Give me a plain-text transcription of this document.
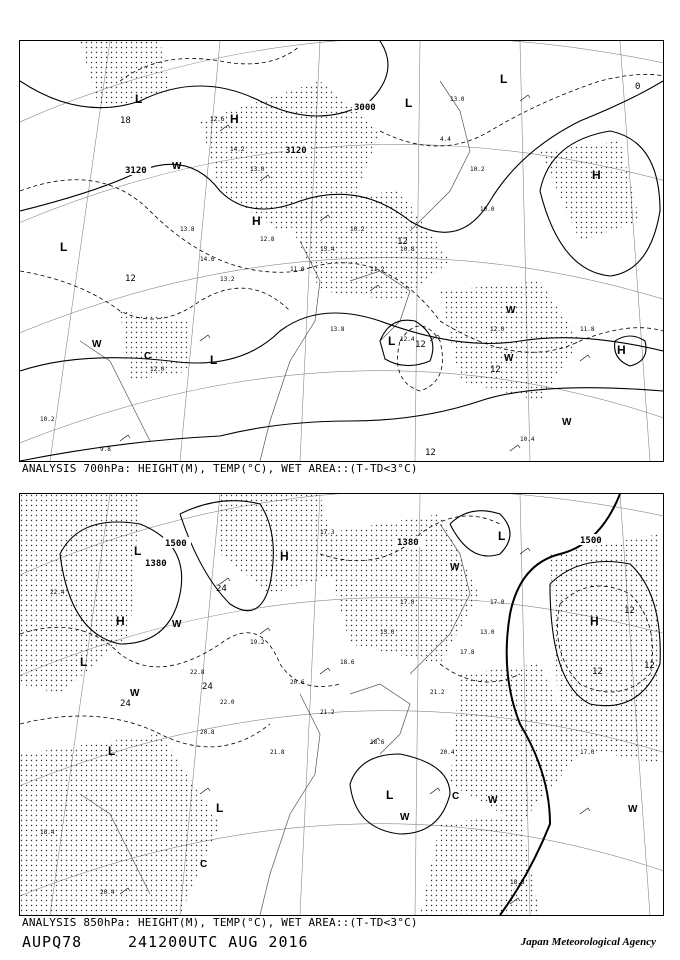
12.6
14.2
13.0
13.8
14.6
13.2
12.8
11.0
15.4
10.2
11.2
10.8
13.8
12.4
12.0	11.8
10.4
9.8
10.2
12.0
4.4
10.2
10.0
13.0
3000
3120
3120
12
12
12
12
12
0
18
L
H
L
L
H
L
L
L
H
H
W
W
W
W
W
C
ANALYSIS 700hPa: HEIGHT(M), TEMP(°C), WET AREA::(T-TD<3°C)
22.8
22.0
19.2
20.6
21.2
18.6
15.0
17.0
21.2
17.8
13.0
17.0
17.0
18.8
20.4
18.4
22.4
20.8
21.8
18.6
20.4
17.3
1500
1500	1380
1380
24
24
24
12
12
12
L	H
L
H
L
L
L
L
H
W
W
W
W
W
W
C
C
ANALYSIS 850hPa: HEIGHT(M), TEMP(°C), WET AREA::(T-TD<3°C)
AUPQ78	241200UTC AUG 2016	Japan Meteorological Agency
